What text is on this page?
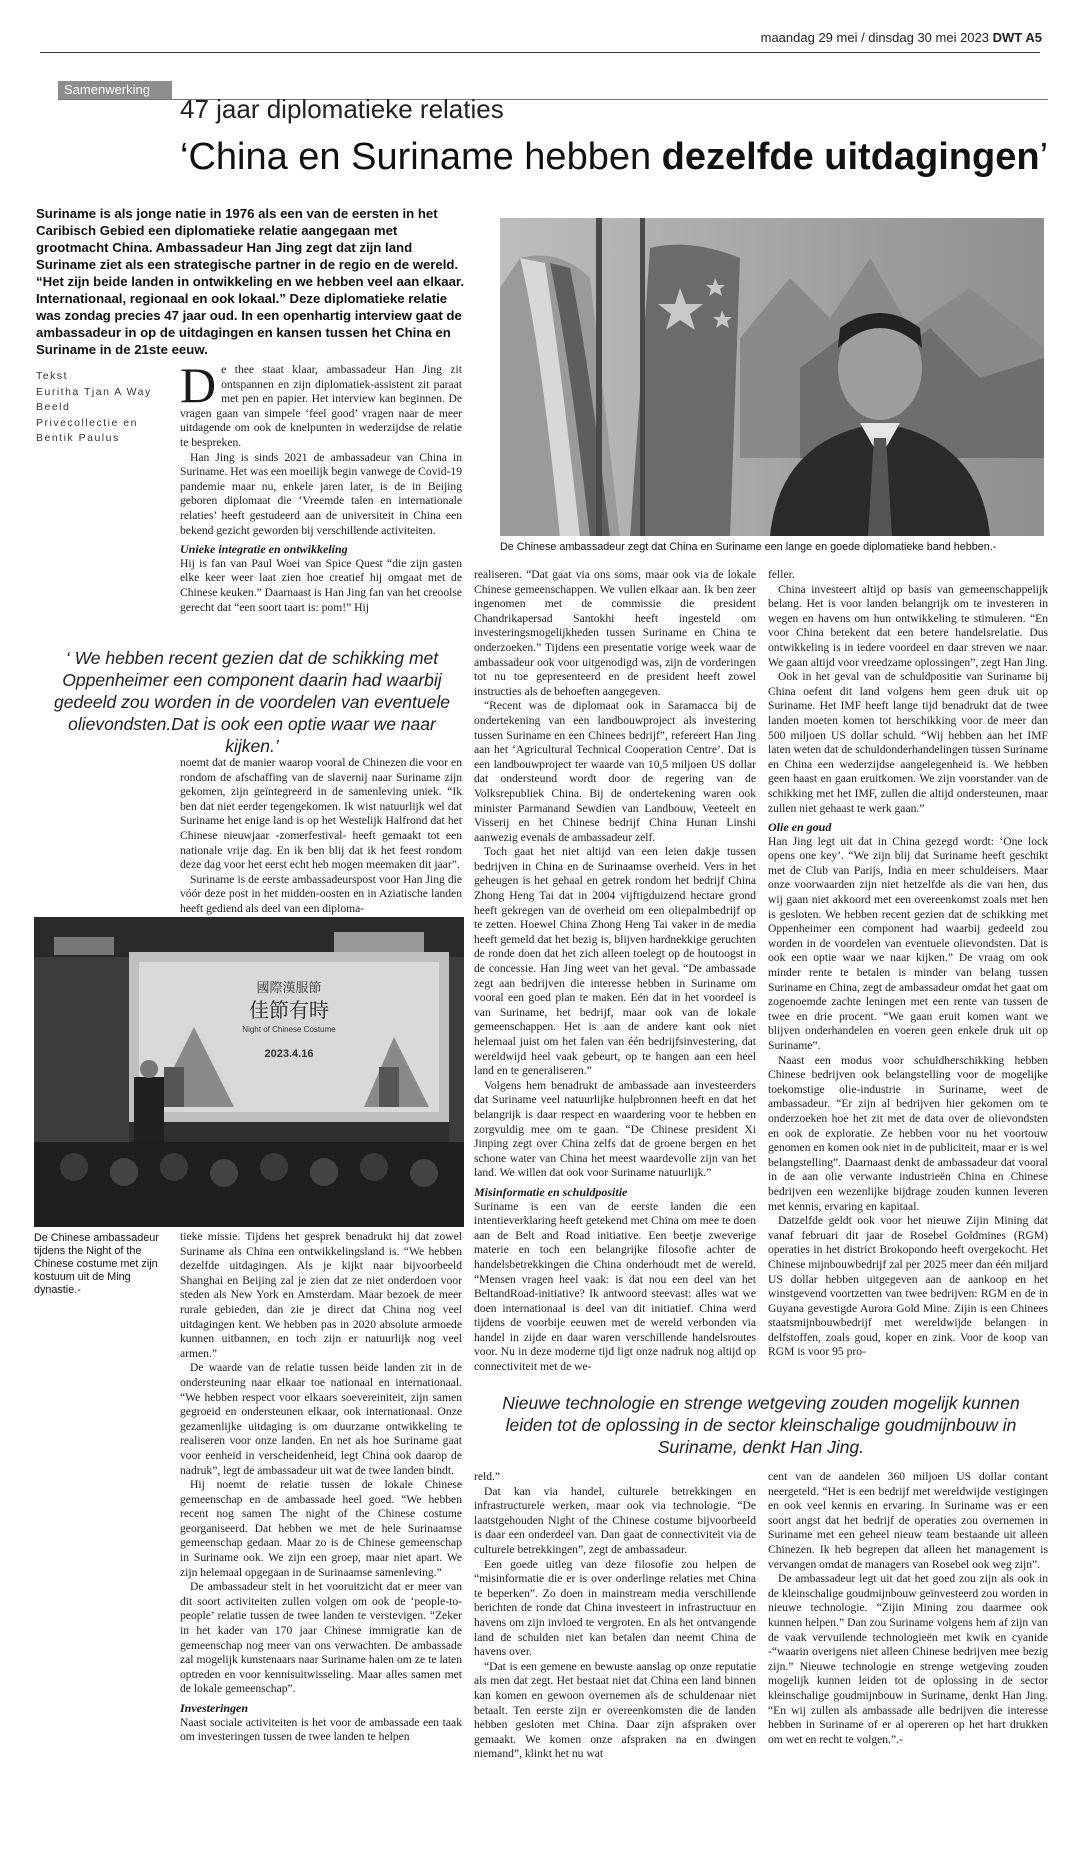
maandag 29 mei / dinsdag 30 mei 2023 DWT A5
Samenwerking
47 jaar diplomatieke relaties
‘China en Suriname hebben dezelfde uitdagingen’
Suriname is als jonge natie in 1976 als een van de eersten in het Caribisch Gebied een diplomatieke relatie aangegaan met grootmacht China. Ambassadeur Han Jing zegt dat zijn land Suriname ziet als een strategische partner in de regio en de wereld. “Het zijn beide landen in ontwikkeling en we hebben veel aan elkaar. Internationaal, regionaal en ook lokaal.” Deze diplomatieke relatie was zondag precies 47 jaar oud. In een openhartig interview gaat de ambassadeur in op de uitdagingen en kansen tussen het China en Suriname in de 21ste eeuw.
Tekst
Euritha Tjan A Way
Beeld
Privecollectie en
Bentik Paulus
De Chinese ambassadeur zegt dat China en Suriname een lange en goede diplomatieke band hebben.-

De thee staat klaar, ambassadeur Han Jing zit ontspannen en zijn diplomatiek-assistent zit paraat met pen en papier. Het interview kan beginnen. De vragen gaan van simpele ‘feel good’ vragen naar de meer uitdagende om ook de knelpunten in wederzijdse de relatie te bespreken.

Han Jing is sinds 2021 de ambassadeur van China in Suriname. Het was een moeilijk begin vanwege de Covid-19 pandemie maar nu, enkele jaren later, is de in Beijing geboren diplomaat die ‘Vreemde talen en internationale relaties’ heeft gestudeerd aan de universiteit in China een bekend gezicht geworden bij verschillende activiteiten.

Unieke integratie en ontwikkeling

Hij is fan van Paul Woei van Spice Quest “die zijn gasten elke keer weer laat zien hoe creatief hij omgaat met de Chinese keuken.” Daarnaast is Han Jing fan van het creoolse gerecht dat “een soort taart is: pom!” Hij

‘ We hebben recent gezien dat de schikking met Oppenheimer een component daarin had waarbij gedeeld zou worden in de voordelen van eventuele olievondsten.Dat is ook een optie waar we naar kijken.’

noemt dat de manier waarop vooral de Chinezen die voor en rondom de afschaffing van de slavernij naar Suriname zijn gekomen, zijn geïntegreerd in de samenleving uniek. “Ik ben dat niet eerder tegengekomen. Ik wist natuurlijk wel dat Suriname het enige land is op het Westelijk Halfrond dat het Chinese nieuwjaar -zomerfestival- heeft gemaakt tot een nationale vrije dag. En ik ben blij dat ik het feest rondom deze dag voor het eerst echt heb mogen meemaken dit jaar”.

Suriname is de eerste ambassadeurspost voor Han Jing die vóór deze post in het midden-oosten en in Aziatische landen heeft gediend als deel van een diploma-

國際漢服節
佳節有時
Night of Chinese Costume
2023.4.16
De Chinese ambassadeur tijdens the Night of the Chinese costume met zijn kostuum uit de Ming dynastie.-

tieke missie. Tijdens het gesprek benadrukt hij dat zowel Suriname als China een ontwikkelingsland is. “We hebben dezelfde uitdagingen. Als je kijkt naar bijvoorbeeld Shanghai en Beijing zal je zien dat ze niet onderdoen voor steden als New York en Amsterdam. Maar bezoek de meer rurale gebieden, dan zie je direct dat China nog veel uitdagingen kent. We hebben pas in 2020 absolute armoede kunnen uitbannen, en toch zijn er natuurlijk nog veel armen.”

De waarde van de relatie tussen beide landen zit in de ondersteuning naar elkaar toe nationaal en internationaal. “We hebben respect voor elkaars soevereiniteit, zijn samen gegroeid en ondersteunen elkaar, ook internationaal. Onze gezamenlijke uitdaging is om duurzame ontwikkeling te realiseren voor onze landen. En net als hoe Suriname gaat voor eenheid in verscheidenheid, legt China ook daarop de nadruk”, legt de ambassadeur uit wat de twee landen bindt.

Hij noemt de relatie tussen de lokale Chinese gemeenschap en de ambassade heel goed. “We hebben recent nog samen The night of the Chinese costume georganiseerd. Dat hebben we met de hele Surinaamse gemeenschap gedaan. Maar zo is de Chinese gemeenschap in Suriname ook. We zijn een groep, maar niet apart. We zijn helemaal opgegaan in de Surinaamse samenleving.”

De ambassadeur stelt in het vooruitzicht dat er meer van dit soort activiteiten zullen volgen om ook de ‘people-to-people’ relatie tussen de twee landen te verstevigen. “Zeker in het kader van 170 jaar Chinese immigratie kan de gemeenschap nog meer van ons verwachten. De ambassade zal mogelijk kunstenaars naar Suriname halen om ze te laten optreden en voor kennisuitwisseling. Maar alles samen met de lokale gemeenschap”.

Investeringen

Naast sociale activiteiten is het voor de ambassade een taak om investeringen tussen de twee landen te helpen

realiseren. “Dat gaat via ons soms, maar ook via de lokale Chinese gemeenschappen. We vullen elkaar aan. Ik ben zeer ingenomen met de commissie die president Chandrikapersad Santokhi heeft ingesteld om investeringsmogelijkheden tussen Suriname en China te onderzoeken.” Tijdens een presentatie vorige week waar de ambassadeur ook voor uitgenodigd was, zijn de vorderingen tot nu toe gepresenteerd en de president heeft zowel instructies als de behoeften aangegeven.

“Recent was de diplomaat ook in Saramacca bij de ondertekening van een landbouwproject als investering tussen Suriname en een Chinees bedrijf”, refereert Han Jing aan het ‘Agricultural Technical Cooperation Centre’. Dat is een landbouwproject ter waarde van 10,5 miljoen US dollar dat ondersteund wordt door de regering van de Volksrepubliek China. Bij de ondertekening waren ook minister Parmanand Sewdien van Landbouw, Veeteelt en Visserij en het Chinese bedrijf China Hunan Linshi aanwezig evenals de ambassadeur zelf.

Toch gaat het niet altijd van een leien dakje tussen bedrijven in China en de Surinaamse overheid. Vers in het geheugen is het gehaal en getrek rondom het bedrijf China Zhong Heng Tai dat in 2004 vijftigduizend hectare grond heeft gekregen van de overheid om een oliepalmbedrijf op te zetten. Hoewel China Zhong Heng Tai vaker in de media heeft gemeld dat het bezig is, blijven hardnekkige geruchten de ronde doen dat het zich alleen toelegt op de houtoogst in de concessie. Han Jing weet van het geval. “De ambassade zegt aan bedrijven die interesse hebben in Suriname om vooral een goed plan te maken. Eén dat in het voordeel is van Suriname, het bedrijf, maar ook van de lokale gemeenschappen. Het is aan de andere kant ook niet helemaal juist om het falen van één bedrijfsinvestering, dat wereldwijd heel vaak gebeurt, op te hangen aan een heel land en te generaliseren.”

Volgens hem benadrukt de ambassade aan investeerders dat Suriname veel natuurlijke hulpbronnen heeft en dat het belangrijk is daar respect en waardering voor te hebben en zorgvuldig mee om te gaan. “De Chinese president Xi Jinping zegt over China zelfs dat de groene bergen en het schone water van China het meest waardevolle zijn van het land. We willen dat ook voor Suriname natuurlijk.”

Misinformatie en schuldpositie

Suriname is een van de eerste landen die een intentieverklaring heeft getekend met China om mee te doen aan de Belt and Road initiative. Een beetje zweverige materie en toch een belangrijke filosofie achter de handelsbetrekkingen die China onderhoudt met de wereld. “Mensen vragen heel vaak: is dat nou een deel van het BeltandRoad-initiative? Ik antwoord steevast: alles wat we doen internationaal is deel van dit initiatief. China werd tijdens de voorbije eeuwen met de wereld verbonden via handel in zijde en daar waren verschillende handelsroutes voor. Nu in deze moderne tijd ligt onze nadruk nog altijd op connectiviteit met de we-

feller.

China investeert altijd op basis van gemeenschappelijk belang. Het is voor landen belangrijk om te investeren in wegen en havens om hun ontwikkeling te stimuleren. “En voor China betekent dat een betere handelsrelatie. Dus ontwikkeling is in iedere voordeel en daar streven we naar. We gaan altijd voor vreedzame oplossingen”, zegt Han Jing.

Ook in het geval van de schuldpositie van Suriname bij China oefent dit land volgens hem geen druk uit op Suriname. Het IMF heeft lange tijd benadrukt dat de twee landen moeten komen tot herschikking voor de meer dan 500 miljoen US dollar schuld. “Wij hebben aan het IMF laten weten dat de schuldonderhandelingen tussen Suriname en China een wederzijdse aangelegenheid is. We hebben geen haast en gaan eruitkomen. We zijn voorstander van de schikking met het IMF, zullen die altijd ondersteunen, maar zullen niet gehaast te werk gaan.”

Olie en goud

Han Jing legt uit dat in China gezegd wordt: ‘One lock opens one key’. “We zijn blij dat Suriname heeft geschikt met de Club van Parijs, India en meer schuldeisers. Maar onze voorwaarden zijn niet hetzelfde als die van hen, dus wij gaan niet akkoord met een overeenkomst zoals met hen is gesloten. We hebben recent gezien dat de schikking met Oppenheimer een component had waarbij gedeeld zou worden in de voordelen van eventuele olievondsten. Dat is ook een optie waar we naar kijken.” De vraag om ook minder rente te betalen is minder van belang tussen Suriname en China, zegt de ambassadeur omdat het gaat om zogenoemde zachte leningen met een rente van tussen de twee en drie procent. “We gaan eruit komen want we blijven onderhandelen en voeren geen enkele druk uit op Suriname”.

Naast een modus voor schuldherschikking hebben Chinese bedrijven ook belangstelling voor de mogelijke toekomstige olie-industrie in Suriname, weet de ambassadeur. “Er zijn al bedrijven hier gekomen om te onderzoeken hoe het zit met de data over de olievondsten en ook de exploratie. Ze hebben voor nu het voortouw genomen en komen ook niet in de publiciteit, maar er is wel belangstelling”. Daarnaast denkt de ambassadeur dat vooral in de aan olie verwante industrieën China en Chinese bedrijven een wezenlijke bijdrage zouden kunnen leveren met kennis, ervaring en kapitaal.

Datzelfde geldt ook voor het nieuwe Zijin Mining dat vanaf februari dit jaar de Rosebel Goldmines (RGM) operaties in het district Brokopondo heeft overgekocht. Het Chinese mijnbouwbedrijf zal per 2025 meer dan één miljard US dollar hebben uitgegeven aan de aankoop en het winstgevend voortzetten van twee bedrijven: RGM en de in Guyana gevestigde Aurora Gold Mine. Zijin is een Chinees staatsmijnbouwbedrijf met wereldwijde belangen in delfstoffen, zoals goud, koper en zink. Voor de koop van RGM is voor 95 pro-

Nieuwe technologie en strenge wetgeving zouden mogelijk kunnen leiden tot de oplossing in de sector kleinschalige goudmijnbouw in Suriname, denkt Han Jing.

reld.”

Dat kan via handel, culturele betrekkingen en infrastructurele werken, maar ook via technologie. “De laatstgehouden Night of the Chinese costume bijvoorbeeld is daar een onderdeel van. Dan gaat de connectiviteit via de culturele betrekkingen”, zegt de ambassadeur.

Een goede uitleg van deze filosofie zou helpen de “misinformatie die er is over onderlinge relaties met China te beperken”. Zo doen in mainstream media verschillende berichten de ronde dat China investeert in infrastructuur en havens om zijn invloed te vergroten. En als het ontvangende land de schulden niet kan betalen dan neemt China de havens over.

“Dat is een gemene en bewuste aanslag op onze reputatie als men dat zegt. Het bestaat niet dat China een land binnen kan komen en gewoon overnemen als de schuldenaar niet betaalt. Ten eerste zijn er overeenkomsten die de landen hebben gesloten met China. Daar zijn afspraken over gemaakt. We komen onze afspraken na en dwingen niemand”, klinkt het nu wat

cent van de aandelen 360 miljoen US dollar contant neergeteld. “Het is een bedrijf met wereldwijde vestigingen en ook veel kennis en ervaring. In Suriname was er een soort angst dat het bedrijf de operaties zou overnemen in Suriname met een geheel nieuw team bestaande uit alleen Chinezen. Ik heb begrepen dat alleen het management is vervangen omdat de managers van Rosebel ook weg zijn”.

De ambassadeur legt uit dat het goed zou zijn als ook in de kleinschalige goudmijnbouw geïnvesteerd zou worden in nieuwe technologie. “Zijin Mining zou daarmee ook kunnen helpen.” Dan zou Suriname volgens hem af zijn van de vaak vervuilende technologieën met kwik en cyanide -“waarin overigens niet alleen Chinese bedrijven mee bezig zijn.” Nieuwe technologie en strenge wetgeving zouden mogelijk kunnen leiden tot de oplossing in de sector kleinschalige goudmijnbouw in Suriname, denkt Han Jing. “En wij zullen als ambassade alle bedrijven die interesse hebben in Suriname of er al opereren op het hart drukken om wet en recht te volgen.”.-
